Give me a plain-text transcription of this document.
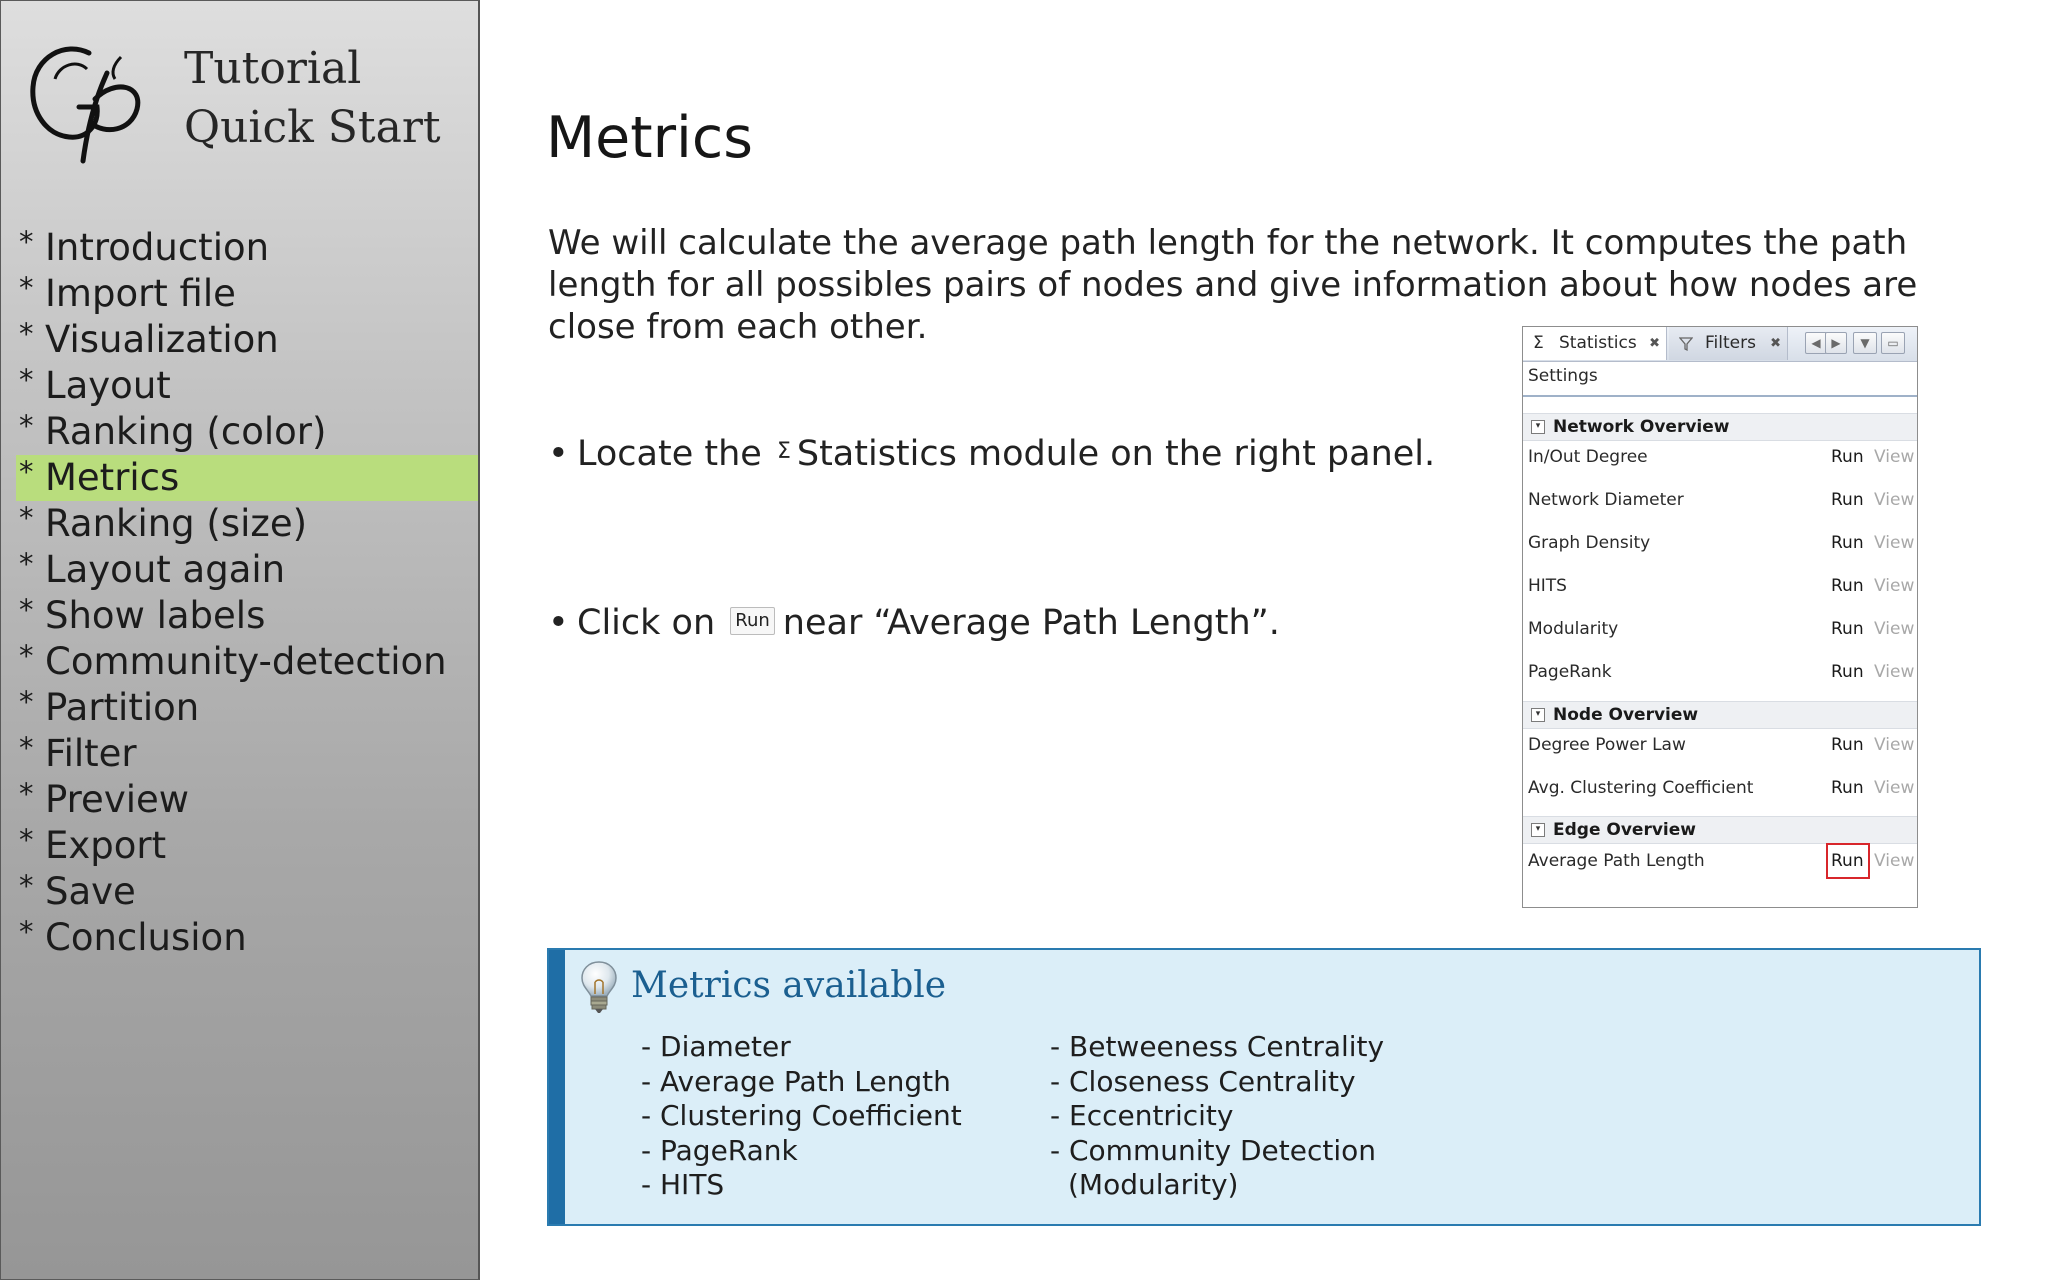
Tutorial
Quick Start
* Introduction
* Import file
* Visualization
* Layout
* Ranking (color)
* Metrics
* Ranking (size)
* Layout again
* Show labels
* Community-detection
* Partition
* Filter
* Preview
* Export
* Save
* Conclusion
Metrics

We will calculate the average path length for the network. It computes the path length for all possibles pairs of nodes and give information about how nodes are close from each other.

• Locate the Σ Statistics module on the right panel.
• Click on Run near “Average Path Length”.
Σ Statistics ✖	Filters ✖	◀ ▶	▼	▭
Settings
▾ Network Overview
In/Out Degree	Run View
Network Diameter	Run View
Graph Density	Run View
HITS	Run View
Modularity	Run View
PageRank	Run View
▾ Node Overview
Degree Power Law	Run View
Avg. Clustering Coefficient	Run View
▾ Edge Overview
Average Path Length	Run View
Metrics available
- Diameter
- Average Path Length
- Clustering Coefficient
- PageRank
- HITS
- Betweeness Centrality
- Closeness Centrality
- Eccentricity
- Community Detection
(Modularity)
